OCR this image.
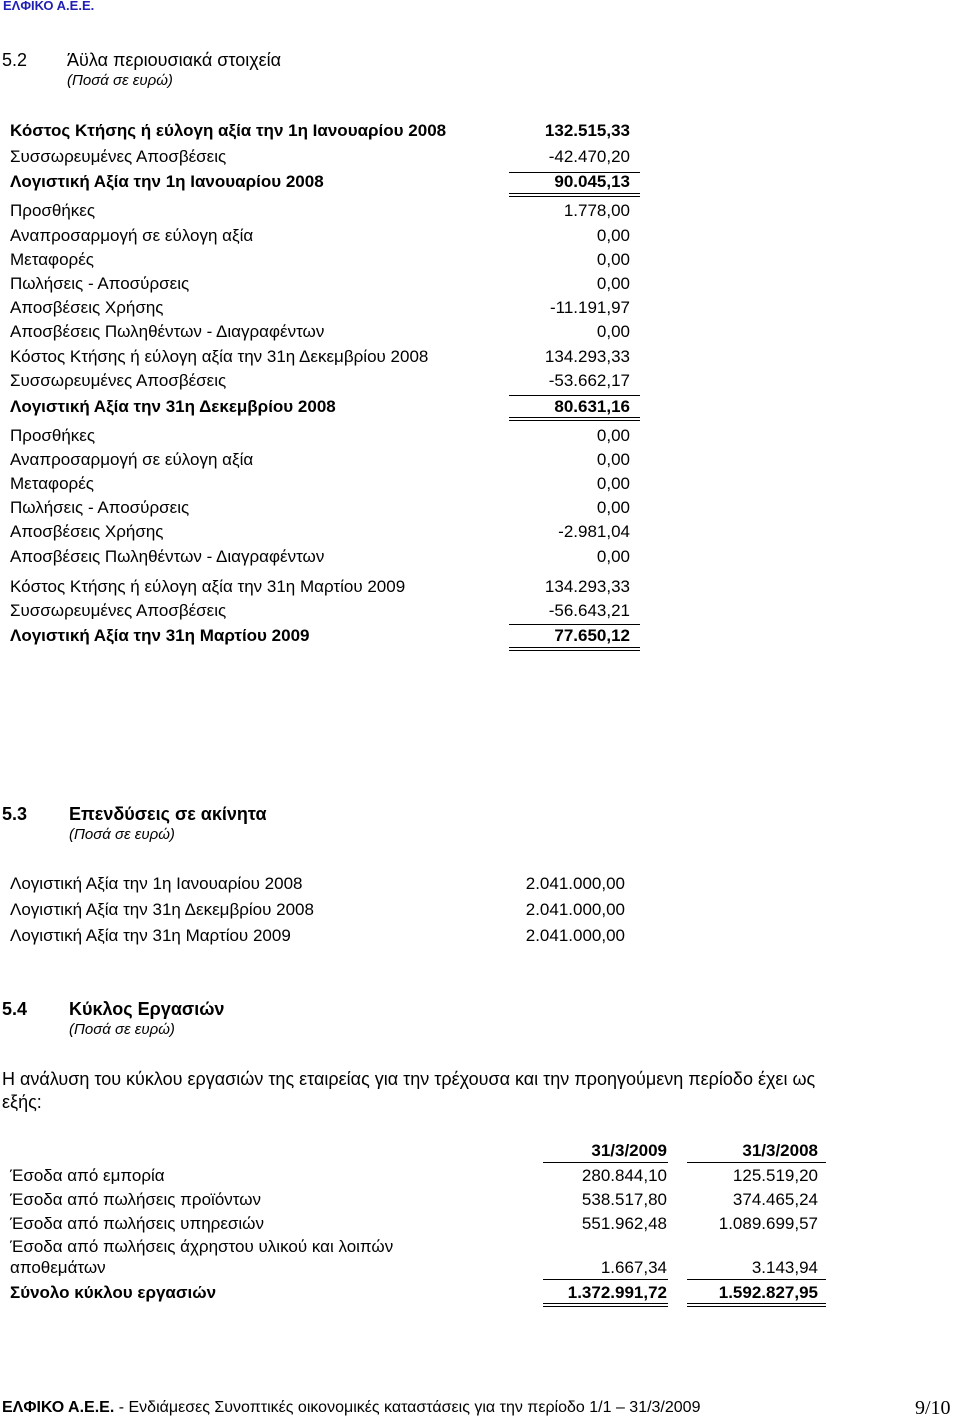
ΕΛΦΙΚΟ Α.Ε.Ε.
5.2 Άϋλα περιουσιακά στοιχεία
(Ποσά σε ευρώ)
Κόστος Κτήσης ή εύλογη αξία την 1η Ιανουαρίου 2008	132.515,33
Συσσωρευμένες Αποσβέσεις	-42.470,20
Λογιστική Αξία την 1η Ιανουαρίου 2008	90.045,13
Προσθήκες	1.778,00
Αναπροσαρμογή σε εύλογη αξία	0,00
Μεταφορές	0,00
Πωλήσεις - Αποσύρσεις	0,00
Αποσβέσεις Χρήσης	-11.191,97
Αποσβέσεις Πωληθέντων - Διαγραφέντων	0,00
Κόστος Κτήσης ή εύλογη αξία την 31η Δεκεμβρίου 2008	134.293,33
Συσσωρευμένες Αποσβέσεις	-53.662,17
Λογιστική Αξία την 31η Δεκεμβρίου 2008	80.631,16
Προσθήκες	0,00
Αναπροσαρμογή σε εύλογη αξία	0,00
Μεταφορές	0,00
Πωλήσεις - Αποσύρσεις	0,00
Αποσβέσεις Χρήσης	-2.981,04
Αποσβέσεις Πωληθέντων - Διαγραφέντων	0,00
Κόστος Κτήσης ή εύλογη αξία την 31η Μαρτίου 2009	134.293,33
Συσσωρευμένες Αποσβέσεις	-56.643,21
Λογιστική Αξία την 31η Μαρτίου 2009	77.650,12
5.3 Επενδύσεις σε ακίνητα
(Ποσά σε ευρώ)
Λογιστική Αξία την 1η Ιανουαρίου 2008	2.041.000,00
Λογιστική Αξία την 31η Δεκεμβρίου 2008	2.041.000,00
Λογιστική Αξία την 31η Μαρτίου 2009	2.041.000,00
5.4 Κύκλος Εργασιών
(Ποσά σε ευρώ)
Η ανάλυση του κύκλου εργασιών της εταιρείας για την τρέχουσα και την προηγούμενη περίοδο έχει ως
εξής:
31/3/2009	31/3/2008
Έσοδα από εμπορία	280.844,10	125.519,20
Έσοδα από πωλήσεις προϊόντων	538.517,80	374.465,24
Έσοδα από πωλήσεις υπηρεσιών	551.962,48	1.089.699,57
Έσοδα από πωλήσεις άχρηστου υλικού και λοιπών
αποθεμάτων	1.667,34	3.143,94
Σύνολο κύκλου εργασιών	1.372.991,72	1.592.827,95
ΕΛΦΙΚΟ Α.Ε.Ε. - Ενδιάμεσες Συνοπτικές οικονομικές καταστάσεις για την περίοδο 1/1 – 31/3/2009	9/10
